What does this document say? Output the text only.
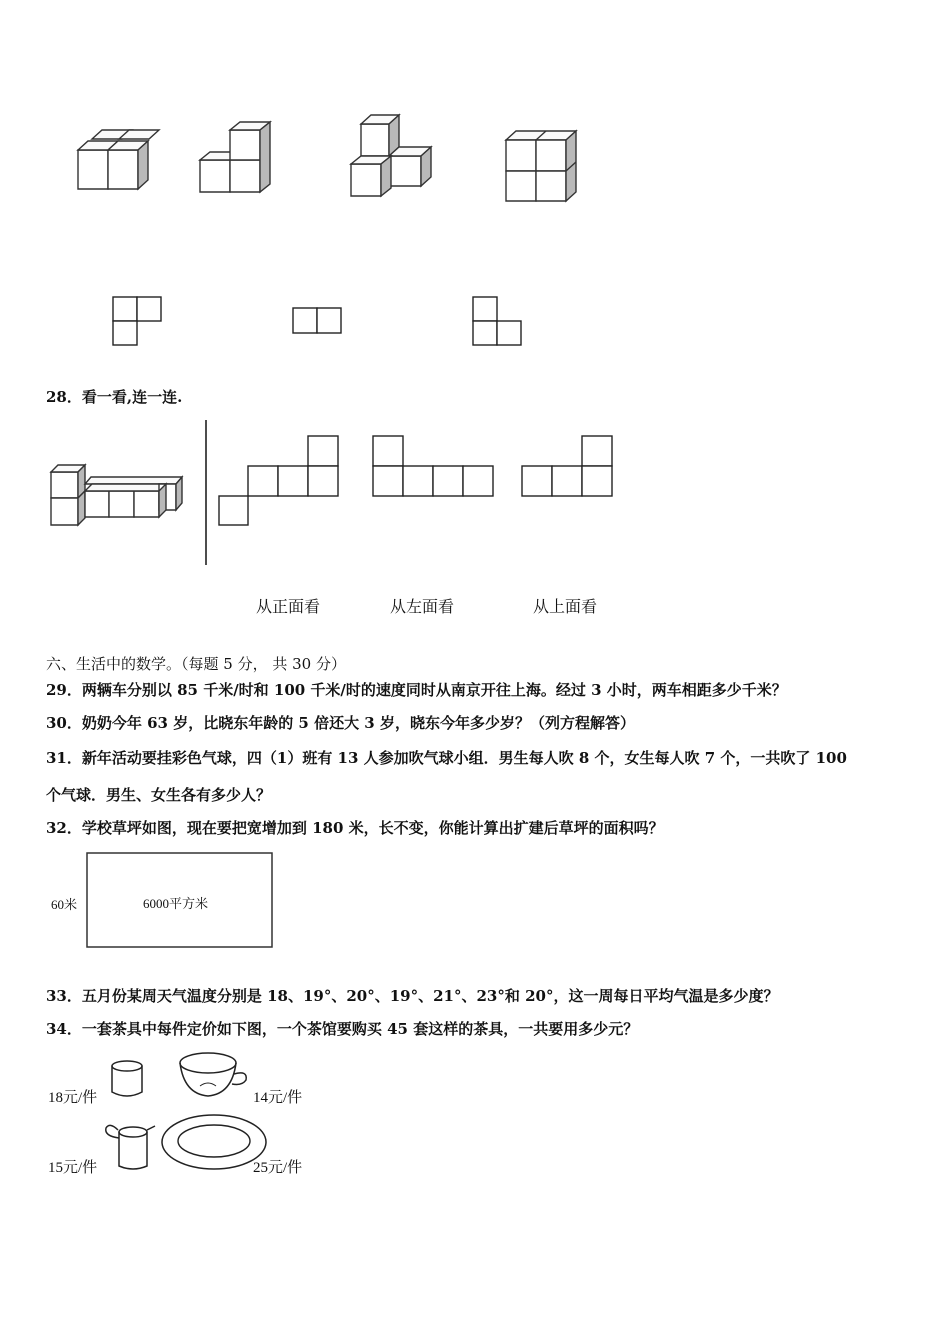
28．看一看,连一连.
从正面看	从左面看	从上面看
六、生活中的数学。（每题 5 分， 共 30 分）
29．两辆车分别以 85 千米/时和 100 千米/时的速度同时从南京开往上海。经过 3 小时，两车相距多少千米？
30．奶奶今年 63 岁，比晓东年龄的 5 倍还大 3 岁，晓东今年多少岁？（列方程解答）
31．新年活动要挂彩色气球，四（1）班有 13 人参加吹气球小组．男生每人吹 8 个，女生每人吹 7 个，一共吹了 100
个气球．男生、女生各有多少人？
32．学校草坪如图，现在要把宽增加到 180 米，长不变，你能计算出扩建后草坪的面积吗？
60米	6000平方米
33．五月份某周天气温度分别是 18、19°、20°、19°、21°、23°和 20°，这一周每日平均气温是多少度？
34．一套茶具中每件定价如下图，一个茶馆要购买 45 套这样的茶具，一共要用多少元？
18元/件	14元/件
15元/件	25元/件
